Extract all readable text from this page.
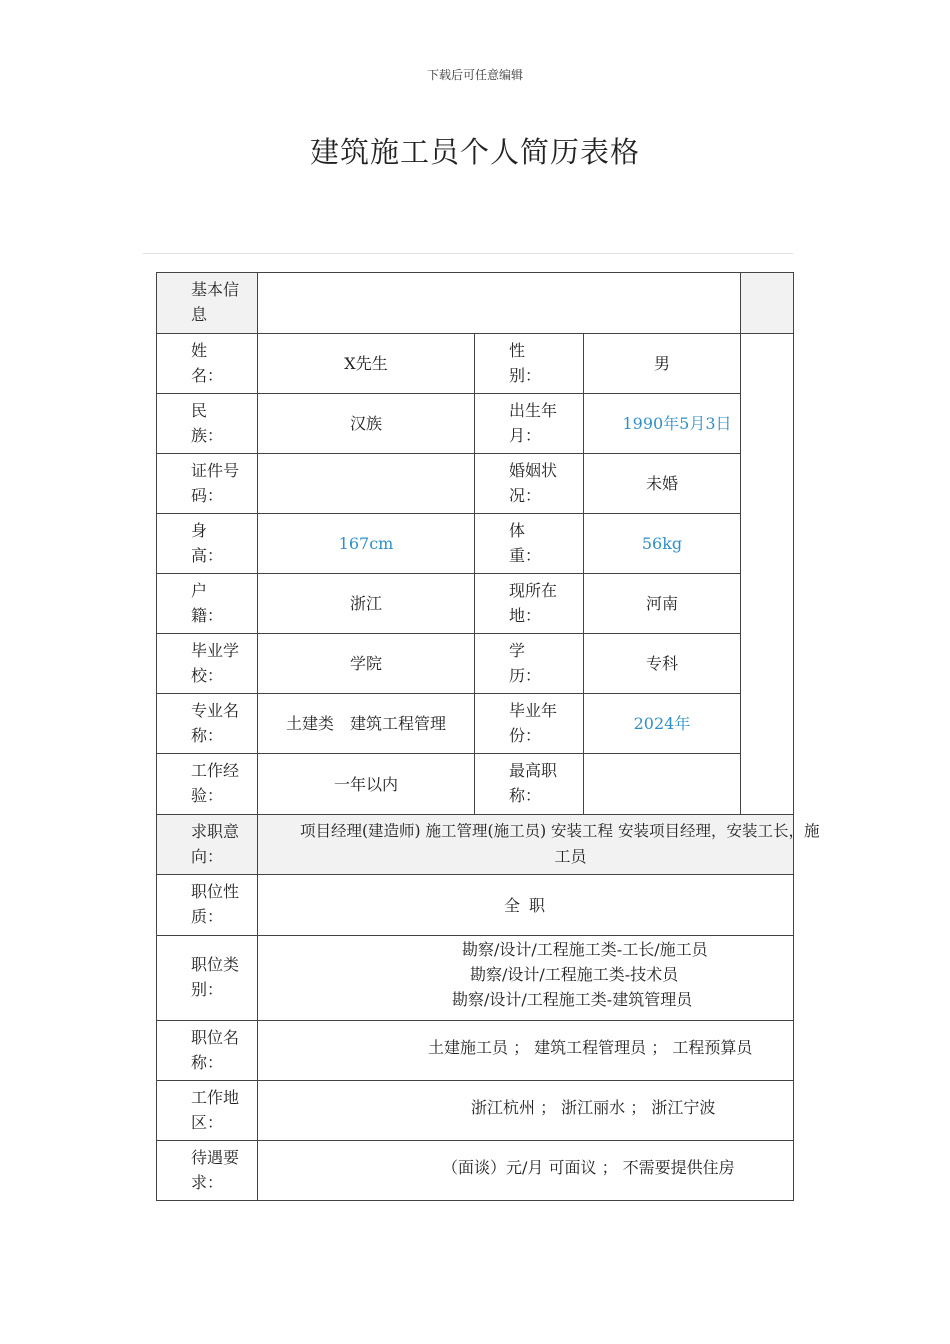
下载后可任意编辑
建筑施工员个人简历表格
基本信
息
姓
名：
X先生
性
别：
男
民
族：
汉族
出生年
月：
1990年5月3日
证件号
码：
婚姻状
况：
未婚
身
高：
167cm
体
重：
56kg
户
籍：
浙江
现所在
地：
河南
毕业学
校：
学院
学
历：
专科
专业名
称：
土建类　建筑工程管理
毕业年
份：
2024年
工作经
验：
一年以内
最高职
称：
求职意
向：
项目经理(建造师) 施工管理(施工员) 安装工程 安装项目经理，安装工长，施
工员
职位性
质：
全 职
职位类
别：
勘察/设计/工程施工类-工长/施工员
勘察/设计/工程施工类-技术员
勘察/设计/工程施工类-建筑管理员
职位名
称：
土建施工员 ； 建筑工程管理员 ； 工程预算员
工作地
区：
浙江杭州 ； 浙江丽水 ； 浙江宁波
待遇要
求：
（面谈）元/月 可面议 ； 不需要提供住房
